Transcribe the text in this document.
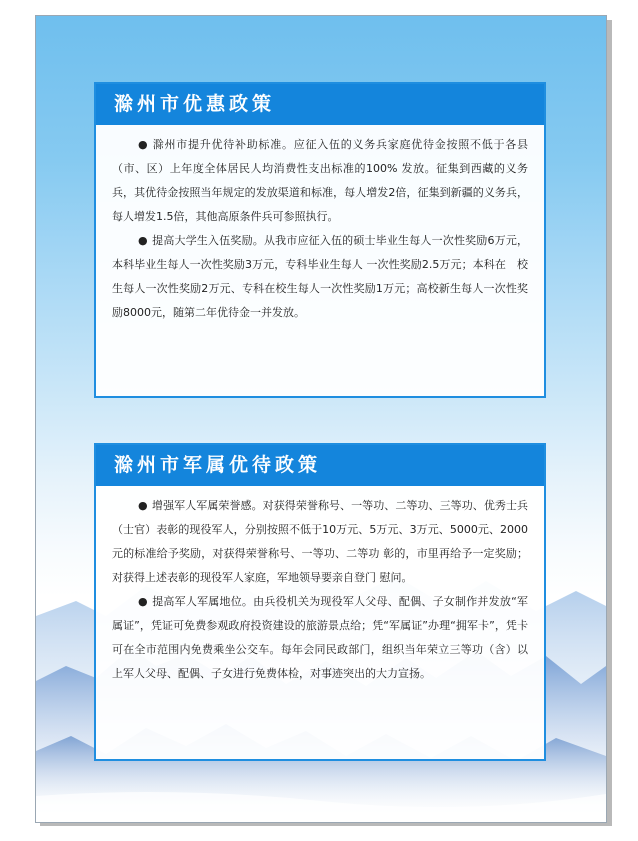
滁州市优惠政策

● 滁州市提升优待补助标准。应征入伍的义务兵家庭优待金按照不低于各县（市、区）上年度全体居民人均消费性支出标准的100% 发放。征集到西藏的义务兵，其优待金按照当年规定的发放渠道和标准，每人增发2倍，征集到新疆的义务兵，每人增发1.5倍，其他高原条件兵可参照执行。

● 提高大学生入伍奖励。从我市应征入伍的硕士毕业生每人一次性奖励6万元，本科毕业生每人一次性奖励3万元，专科毕业生每人 一次性奖励2.5万元；本科在　校生每人一次性奖励2万元、专科在校生每人一次性奖励1万元；高校新生每人一次性奖励8000元，随第二年优待金一并发放。

滁州市军属优待政策

● 增强军人军属荣誉感。对获得荣誉称号、一等功、二等功、三等功、优秀士兵（士官）表彰的现役军人，分别按照不低于10万元、5万元、3万元、5000元、2000元的标准给予奖励，对获得荣誉称号、一等功、二等功 彰的，市里再给予一定奖励；对获得上述表彰的现役军人家庭，军地领导要亲自登门 慰问。

● 提高军人军属地位。由兵役机关为现役军人父母、配偶、子女制作并发放“军属证”，凭证可免费参观政府投资建设的旅游景点给；凭“军属证”办理“拥军卡”，凭卡可在全市范围内免费乘坐公交车。每年会同民政部门，组织当年荣立三等功（含）以上军人父母、配偶、子女进行免费体检，对事迹突出的大力宣扬。
